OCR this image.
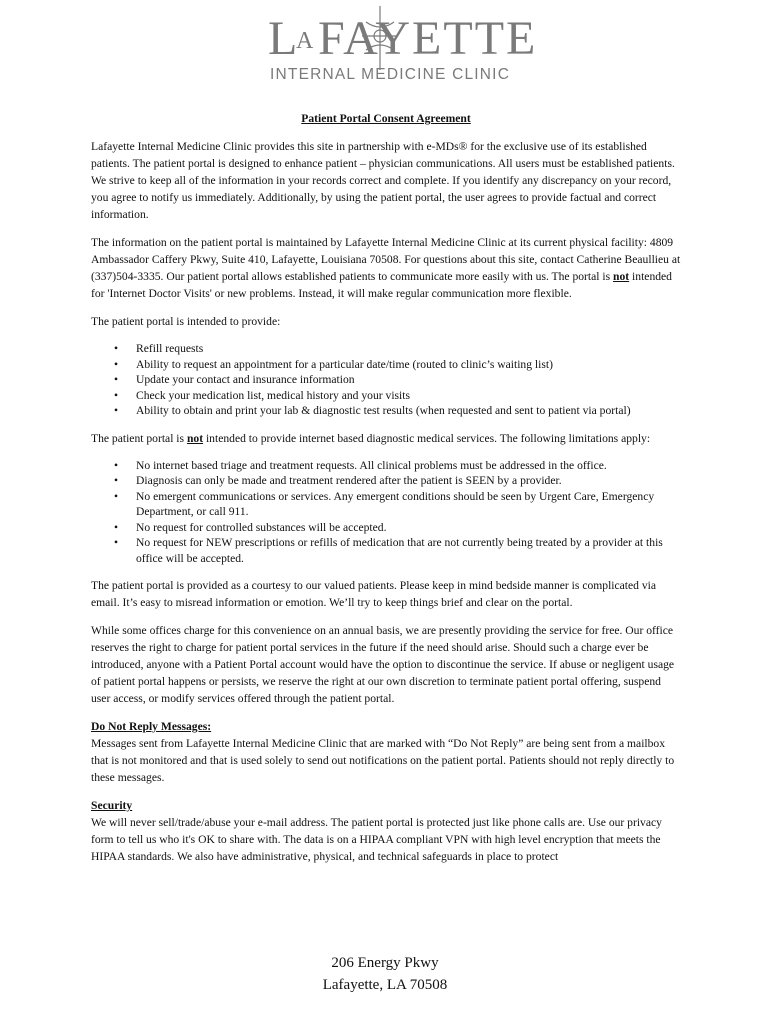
L
A FAYETTE
INTERNAL MEDICINE CLINIC

Patient Portal Consent Agreement

Lafayette Internal Medicine Clinic provides this site in partnership with e-MDs® for the exclusive use of its established patients. The patient portal is designed to enhance patient – physician communications. All users must be established patients. We strive to keep all of the information in your records correct and complete. If you identify any discrepancy on your record, you agree to notify us immediately. Additionally, by using the patient portal, the user agrees to provide factual and correct information.

The information on the patient portal is maintained by Lafayette Internal Medicine Clinic at its current physical facility: 4809 Ambassador Caffery Pkwy, Suite 410, Lafayette, Louisiana 70508. For questions about this site, contact Catherine Beaullieu at (337)504-3335. Our patient portal allows established patients to communicate more easily with us. The portal is not intended for 'Internet Doctor Visits' or new problems. Instead, it will make regular communication more flexible.

The patient portal is intended to provide:

• Refill requests
• Ability to request an appointment for a particular date/time (routed to clinic’s waiting list)
• Update your contact and insurance information
• Check your medication list, medical history and your visits
• Ability to obtain and print your lab & diagnostic test results (when requested and sent to patient via portal)

The patient portal is not intended to provide internet based diagnostic medical services. The following limitations apply:

• No internet based triage and treatment requests. All clinical problems must be addressed in the office.
• Diagnosis can only be made and treatment rendered after the patient is SEEN by a provider.
• No emergent communications or services. Any emergent conditions should be seen by Urgent Care, Emergency Department, or call 911.
• No request for controlled substances will be accepted.
• No request for NEW prescriptions or refills of medication that are not currently being treated by a provider at this office will be accepted.

The patient portal is provided as a courtesy to our valued patients. Please keep in mind bedside manner is complicated via email. It’s easy to misread information or emotion. We’ll try to keep things brief and clear on the portal.

While some offices charge for this convenience on an annual basis, we are presently providing the service for free. Our office reserves the right to charge for patient portal services in the future if the need should arise. Should such a charge ever be introduced, anyone with a Patient Portal account would have the option to discontinue the service. If abuse or negligent usage of patient portal happens or persists, we reserve the right at our own discretion to terminate patient portal offering, suspend user access, or modify services offered through the patient portal.

Do Not Reply Messages:

Messages sent from Lafayette Internal Medicine Clinic that are marked with “Do Not Reply” are being sent from a mailbox that is not monitored and that is used solely to send out notifications on the patient portal. Patients should not reply directly to these messages.

Security

We will never sell/trade/abuse your e-mail address. The patient portal is protected just like phone calls are. Use our privacy form to tell us who it's OK to share with. The data is on a HIPAA compliant VPN with high level encryption that meets the HIPAA standards. We also have administrative, physical, and technical safeguards in place to protect

206 Energy Pkwy
Lafayette, LA 70508
